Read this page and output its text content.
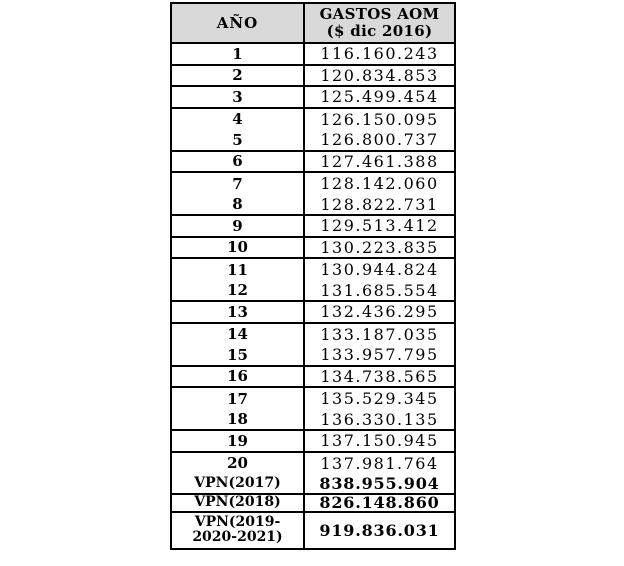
AÑO	GASTOS AOM
($ dic 2016)
1	116.160.243
2	120.834.853
3	125.499.454
4	126.150.095
5	126.800.737
6	127.461.388
7	128.142.060
8	128.822.731
9	129.513.412
10	130.223.835
11	130.944.824
12	131.685.554
13	132.436.295
14	133.187.035
15	133.957.795
16	134.738.565
17	135.529.345
18	136.330.135
19	137.150.945
20	137.981.764
VPN(2017)	838.955.904
VPN(2018)	826.148.860
VPN(2019-2020-2021)	919.836.031
